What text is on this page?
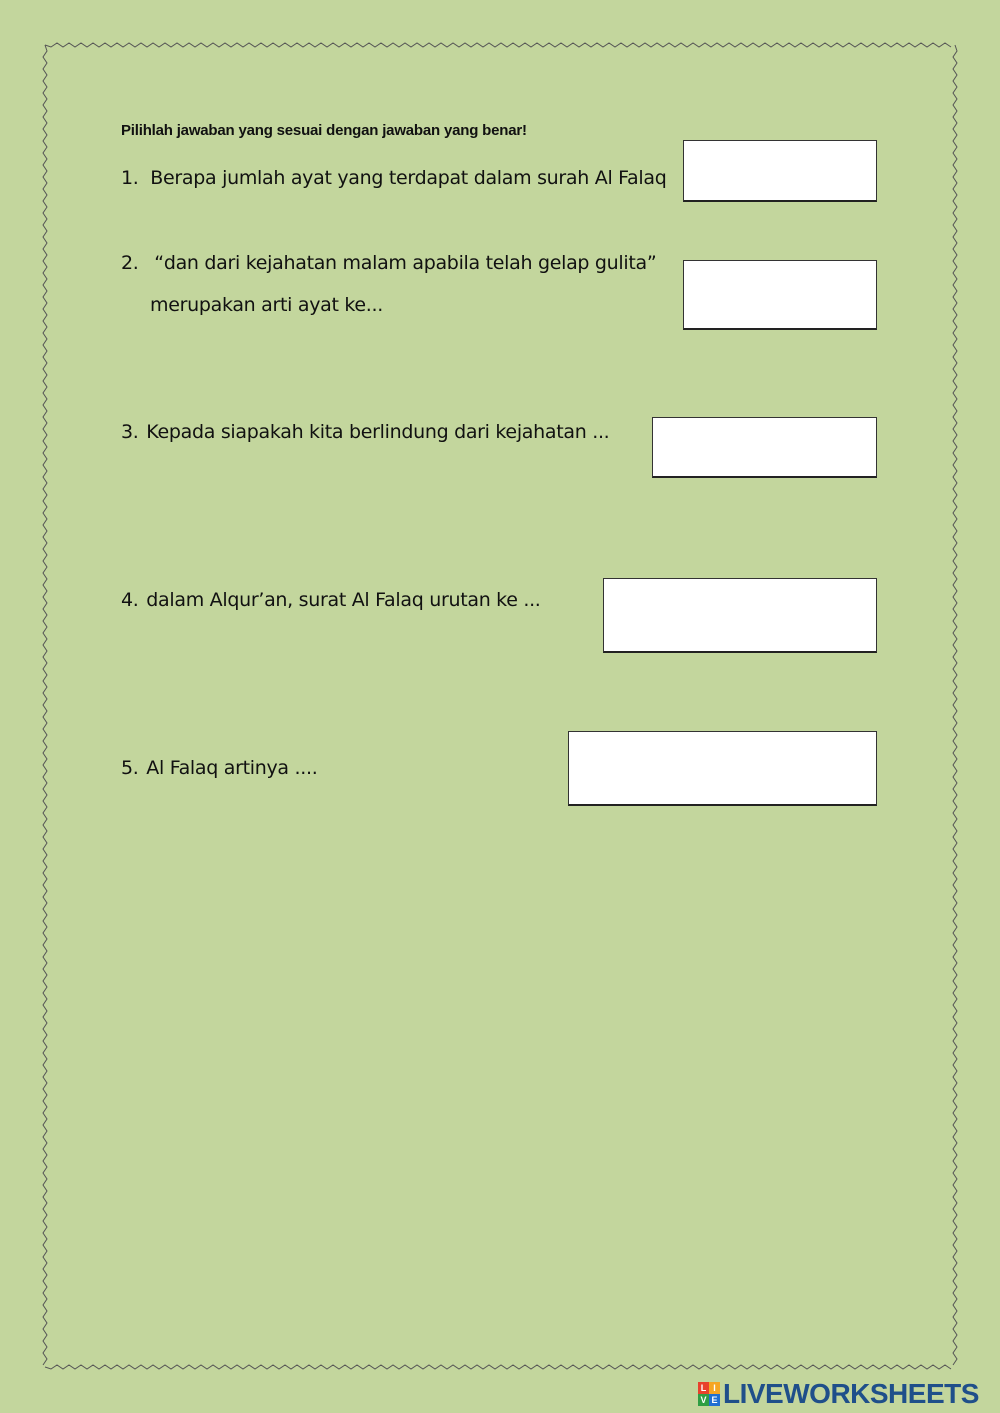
Pilihlah jawaban yang sesuai dengan jawaban yang benar!
1. Berapa jumlah ayat yang terdapat dalam surah Al Falaq
2. “dan dari kejahatan malam apabila telah gelap gulita”
merupakan arti ayat ke...
3. Kepada siapakah kita berlindung dari kejahatan ...
4. dalam Alqur’an, surat Al Falaq urutan ke ...
5. Al Falaq artinya ....
L I
V E LIVEWORKSHEETS
